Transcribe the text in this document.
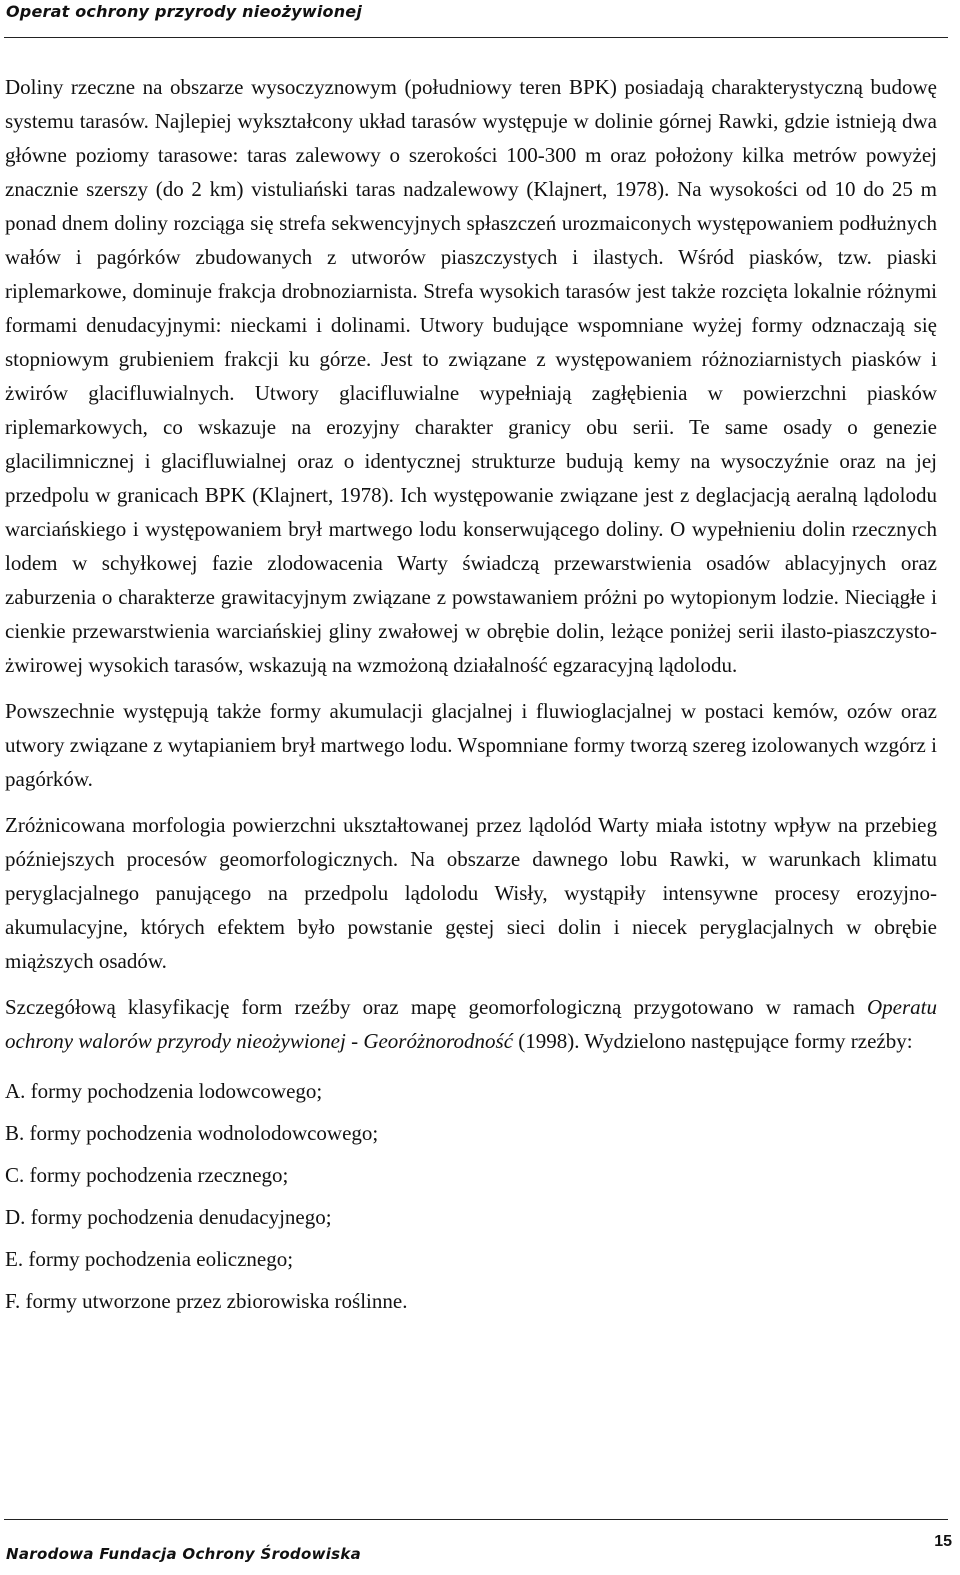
Operat ochrony przyrody nieożywionej

Doliny rzeczne na obszarze wysoczyznowym (południowy teren BPK) posiadają charakterystyczną budowę systemu tarasów. Najlepiej wykształcony układ tarasów występuje w dolinie górnej Rawki, gdzie istnieją dwa główne poziomy tarasowe: taras zalewowy o szerokości 100-300 m oraz położony kilka metrów powyżej znacznie szerszy (do 2 km) vistuliański taras nadzalewowy (Klajnert, 1978). Na wysokości od 10 do 25 m ponad dnem doliny rozciąga się strefa sekwencyjnych spłaszczeń urozmaiconych występowaniem podłużnych wałów i pagórków zbudowanych z utworów piaszczystych i ilastych. Wśród piasków, tzw. piaski riplemarkowe, dominuje frakcja drobnoziarnista. Strefa wysokich tarasów jest także rozcięta lokalnie różnymi formami denudacyjnymi: nieckami i dolinami. Utwory budujące wspomniane wyżej formy odznaczają się stopniowym grubieniem frakcji ku górze. Jest to związane z występowaniem różnoziarnistych piasków i żwirów glacifluwialnych. Utwory glacifluwialne wypełniają zagłębienia w powierzchni piasków riplemarkowych, co wskazuje na erozyjny charakter granicy obu serii. Te same osady o genezie glacilimnicznej i glacifluwialnej oraz o identycznej strukturze budują kemy na wysoczyźnie oraz na jej przedpolu w granicach BPK (Klajnert, 1978). Ich występowanie związane jest z deglacjacją aeralną lądolodu warciańskiego i występowaniem brył martwego lodu konserwującego doliny. O wypełnieniu dolin rzecznych lodem w schyłkowej fazie zlodowacenia Warty świadczą przewarstwienia osadów ablacyjnych oraz zaburzenia o charakterze grawitacyjnym związane z powstawaniem próżni po wytopionym lodzie. Nieciągłe i cienkie przewarstwienia warciańskiej gliny zwałowej w obrębie dolin, leżące poniżej serii ilasto-piaszczysto-żwirowej wysokich tarasów, wskazują na wzmożoną działalność egzaracyjną lądolodu.

Powszechnie występują także formy akumulacji glacjalnej i fluwioglacjalnej w postaci kemów, ozów oraz utwory związane z wytapianiem brył martwego lodu. Wspomniane formy tworzą szereg izolowanych wzgórz i pagórków.

Zróżnicowana morfologia powierzchni ukształtowanej przez lądolód Warty miała istotny wpływ na przebieg późniejszych procesów geomorfologicznych. Na obszarze dawnego lobu Rawki, w warunkach klimatu peryglacjalnego panującego na przedpolu lądolodu Wisły, wystąpiły intensywne procesy erozyjno-akumulacyjne, których efektem było powstanie gęstej sieci dolin i niecek peryglacjalnych w obrębie miąższych osadów.

Szczegółową klasyfikację form rzeźby oraz mapę geomorfologiczną przygotowano w ramach Operatu ochrony walorów przyrody nieożywionej - Georóżnorodność (1998). Wydzielono następujące formy rzeźby:

A. formy pochodzenia lodowcowego;
B. formy pochodzenia wodnolodowcowego;
C. formy pochodzenia rzecznego;
D. formy pochodzenia denudacyjnego;
E. formy pochodzenia eolicznego;
F. formy utworzone przez zbiorowiska roślinne.
15
Narodowa Fundacja Ochrony Środowiska
